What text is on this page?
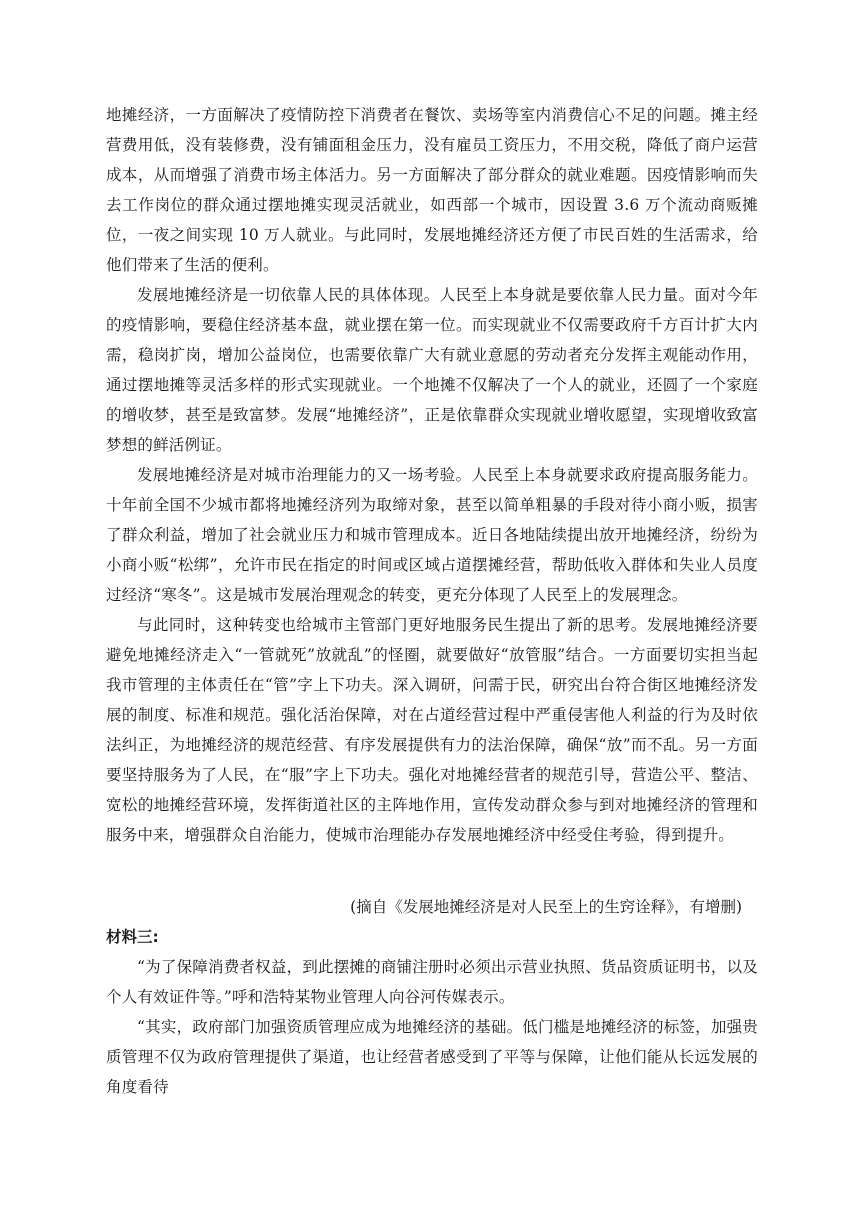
地摊经济，一方面解决了疫情防控下消费者在餐饮、卖场等室内消费信心不足的问题。摊主经营费用低，没有装修费，没有铺面租金压力，没有雇员工资压力，不用交税，降低了商户运营成本，从而增强了消费市场主体活力。另一方面解决了部分群众的就业难题。因疫情影响而失去工作岗位的群众通过摆地摊实现灵活就业，如西部一个城市，因设置 3.6 万个流动商贩摊位，一夜之间实现 10 万人就业。与此同时，发展地摊经济还方便了市民百姓的生活需求，给他们带来了生活的便利。

发展地摊经济是一切依靠人民的具体体现。人民至上本身就是要依靠人民力量。面对今年的疫情影响，要稳住经济基本盘，就业摆在第一位。而实现就业不仅需要政府千方百计扩大内需，稳岗扩岗，增加公益岗位，也需要依靠广大有就业意愿的劳动者充分发挥主观能动作用，通过摆地摊等灵活多样的形式实现就业。一个地摊不仅解决了一个人的就业，还圆了一个家庭的增收梦，甚至是致富梦。发展“地摊经济”，正是依靠群众实现就业增收愿望，实现增收致富梦想的鲜活例证。

发展地摊经济是对城市治理能力的又一场考验。人民至上本身就要求政府提高服务能力。十年前全国不少城市都将地摊经济列为取缔对象，甚至以简单粗暴的手段对待小商小贩，损害了群众利益，增加了社会就业压力和城市管理成本。近日各地陆续提出放开地摊经济，纷纷为小商小贩“松绑”，允许市民在指定的时间或区域占道摆摊经营，帮助低收入群体和失业人员度过经济“寒冬”。这是城市发展治理观念的转变，更充分体现了人民至上的发展理念。

与此同时，这种转变也给城市主管部门更好地服务民生提出了新的思考。发展地摊经济要避免地摊经济走入“一管就死”放就乱”的怪圈，就要做好“放管服”结合。一方面要切实担当起我市管理的主体责任在“管”字上下功夫。深入调研，问需于民，研究出台符合街区地摊经济发展的制度、标准和规范。强化活治保障，对在占道经营过程中严重侵害他人利益的行为及时依法纠正，为地摊经济的规范经营、有序发展提供有力的法治保障，确保“放”而不乱。另一方面要坚持服务为了人民，在“服”字上下功夫。强化对地摊经营者的规范引导，营造公平、整洁、宽松的地摊经营环境，发挥街道社区的主阵地作用，宣传发动群众参与到对地摊经济的管理和服务中来，增强群众自治能力，使城市治理能办存发展地摊经济中经受住考验，得到提升。

(摘自《发展地摊经济是对人民至上的生窍诠释》，有增删)

材料三:

“为了保障消费者权益，到此摆摊的商铺注册时必须出示营业执照、货品资质证明书，以及个人有效证件等。”呼和浩特某物业管理人向谷河传媒表示。

“其实，政府部门加强资质管理应成为地摊经济的基础。低门槛是地摊经济的标签，加强贵质管理不仅为政府管理提供了渠道，也让经营者感受到了平等与保障，让他们能从长远发展的角度看待
